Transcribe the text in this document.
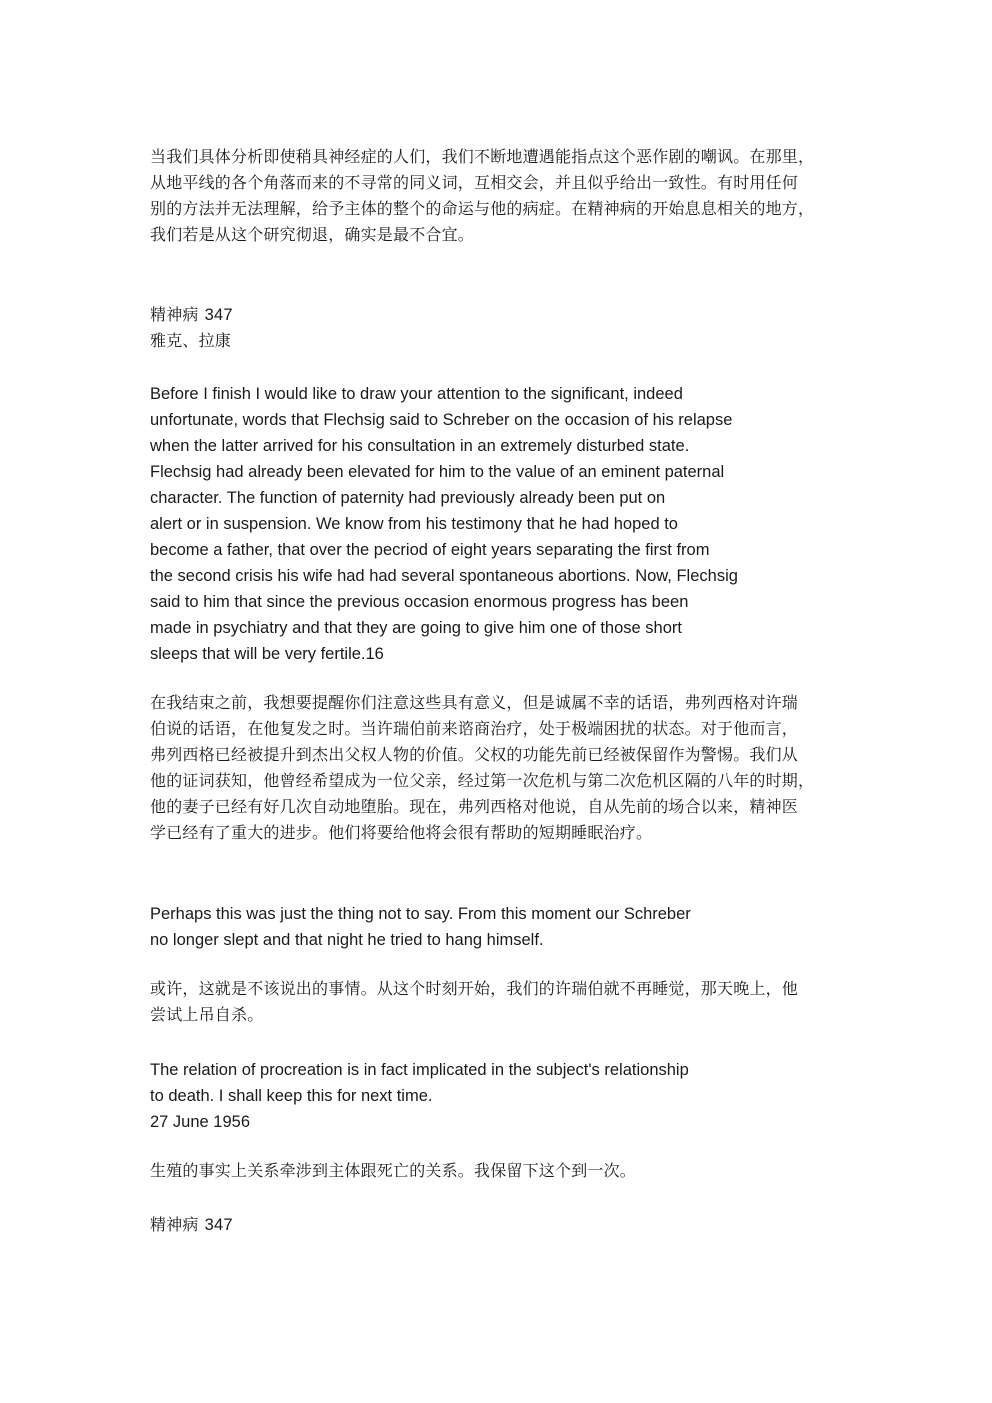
当我们具体分析即使稍具神经症的人们，我们不断地遭遇能指点这个恶作剧的嘲讽。在那里，
从地平线的各个角落而来的不寻常的同义词，互相交会，并且似乎给出一致性。有时用任何
别的方法并无法理解，给予主体的整个的命运与他的病症。在精神病的开始息息相关的地方，
我们若是从这个研究彻退，确实是最不合宜。

精神病 347
雅克、拉康

Before I finish I would like to draw your attention to the significant, indeed
unfortunate, words that Flechsig said to Schreber on the occasion of his relapse
when the latter arrived for his consultation in an extremely disturbed state.
Flechsig had already been elevated for him to the value of an eminent paternal
character. The function of paternity had previously already been put on
alert or in suspension. We know from his testimony that he had hoped to
become a father, that over the pecriod of eight years separating the first from
the second crisis his wife had had several spontaneous abortions. Now, Flechsig
said to him that since the previous occasion enormous progress has been
made in psychiatry and that they are going to give him one of those short
sleeps that will be very fertile.16

在我结束之前，我想要提醒你们注意这些具有意义，但是诚属不幸的话语，弗列西格对许瑞
伯说的话语，在他复发之时。当许瑞伯前来谘商治疗，处于极端困扰的状态。对于他而言，
弗列西格已经被提升到杰出父权人物的价值。父权的功能先前已经被保留作为警惕。我们从
他的证词获知，他曾经希望成为一位父亲，经过第一次危机与第二次危机区隔的八年的时期，
他的妻子已经有好几次自动地堕胎。现在，弗列西格对他说，自从先前的场合以来，精神医
学已经有了重大的进步。他们将要给他将会很有帮助的短期睡眠治疗。

Perhaps this was just the thing not to say. From this moment our Schreber
no longer slept and that night he tried to hang himself.

或许，这就是不该说出的事情。从这个时刻开始，我们的许瑞伯就不再睡觉，那天晚上，他
尝试上吊自杀。

The relation of procreation is in fact implicated in the subject's relationship
to death. I shall keep this for next time.
27 June 1956

生殖的事实上关系牵涉到主体跟死亡的关系。我保留下这个到一次。

精神病 347
